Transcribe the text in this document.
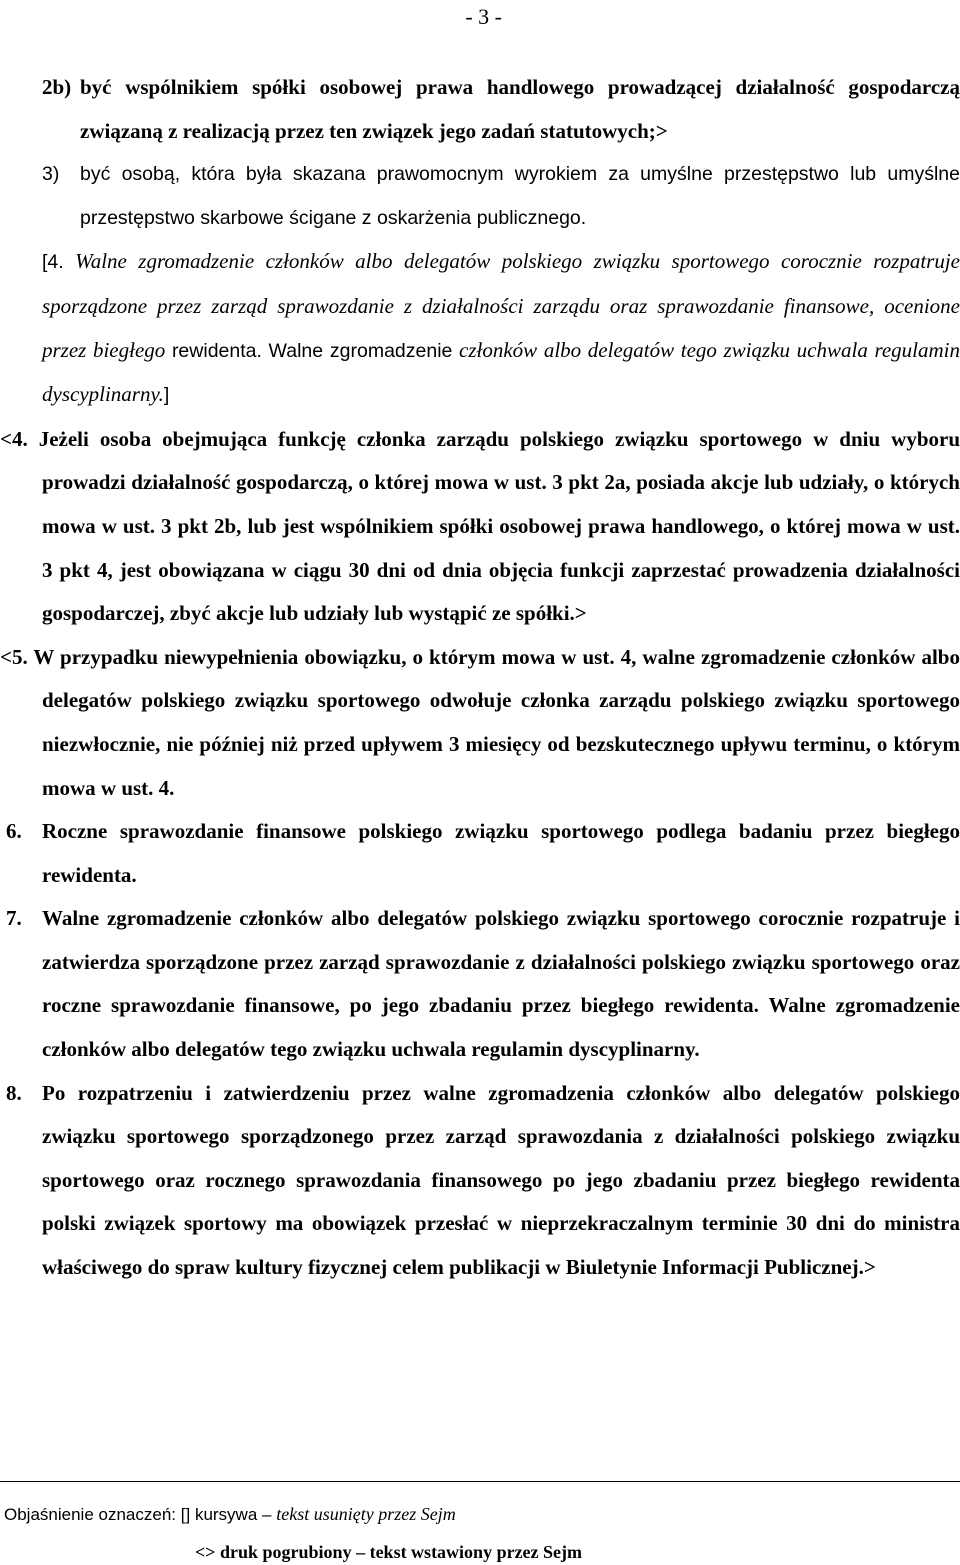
- 3 -

2b) być wspólnikiem spółki osobowej prawa handlowego prowadzącej działalność gospodarczą związaną z realizacją przez ten związek jego zadań statutowych;>

3) być osobą, która była skazana prawomocnym wyrokiem za umyślne przestępstwo lub umyślne przestępstwo skarbowe ścigane z oskarżenia publicznego.

[4. Walne zgromadzenie członków albo delegatów polskiego związku sportowego corocznie rozpatruje sporządzone przez zarząd sprawozdanie z działalności zarządu oraz sprawozdanie finansowe, ocenione przez biegłego rewidenta. Walne zgromadzenie członków albo delegatów tego związku uchwala regulamin dyscyplinarny.]

<4. Jeżeli osoba obejmująca funkcję członka zarządu polskiego związku sportowego w dniu wyboru prowadzi działalność gospodarczą, o której mowa w ust. 3 pkt 2a, posiada akcje lub udziały, o których mowa w ust. 3 pkt 2b, lub jest wspólnikiem spółki osobowej prawa handlowego, o której mowa w ust. 3 pkt 4, jest obowiązana w ciągu 30 dni od dnia objęcia funkcji zaprzestać prowadzenia działalności gospodarczej, zbyć akcje lub udziały lub wystąpić ze spółki.>

<5. W przypadku niewypełnienia obowiązku, o którym mowa w ust. 4, walne zgromadzenie członków albo delegatów polskiego związku sportowego odwołuje członka zarządu polskiego związku sportowego niezwłocznie, nie później niż przed upływem 3 miesięcy od bezskutecznego upływu terminu, o którym mowa w ust. 4.

6. Roczne sprawozdanie finansowe polskiego związku sportowego podlega badaniu przez biegłego rewidenta.

7. Walne zgromadzenie członków albo delegatów polskiego związku sportowego corocznie rozpatruje i zatwierdza sporządzone przez zarząd sprawozdanie z działalności polskiego związku sportowego oraz roczne sprawozdanie finansowe, po jego zbadaniu przez biegłego rewidenta. Walne zgromadzenie członków albo delegatów tego związku uchwala regulamin dyscyplinarny.

8. Po rozpatrzeniu i zatwierdzeniu przez walne zgromadzenia członków albo delegatów polskiego związku sportowego sporządzonego przez zarząd sprawozdania z działalności polskiego związku sportowego oraz rocznego sprawozdania finansowego po jego zbadaniu przez biegłego rewidenta polski związek sportowy ma obowiązek przesłać w nieprzekraczalnym terminie 30 dni do ministra właściwego do spraw kultury fizycznej celem publikacji w Biuletynie Informacji Publicznej.>

Objaśnienie oznaczeń: [] kursywa – tekst usunięty przez Sejm
<> druk pogrubiony – tekst wstawiony przez Sejm
